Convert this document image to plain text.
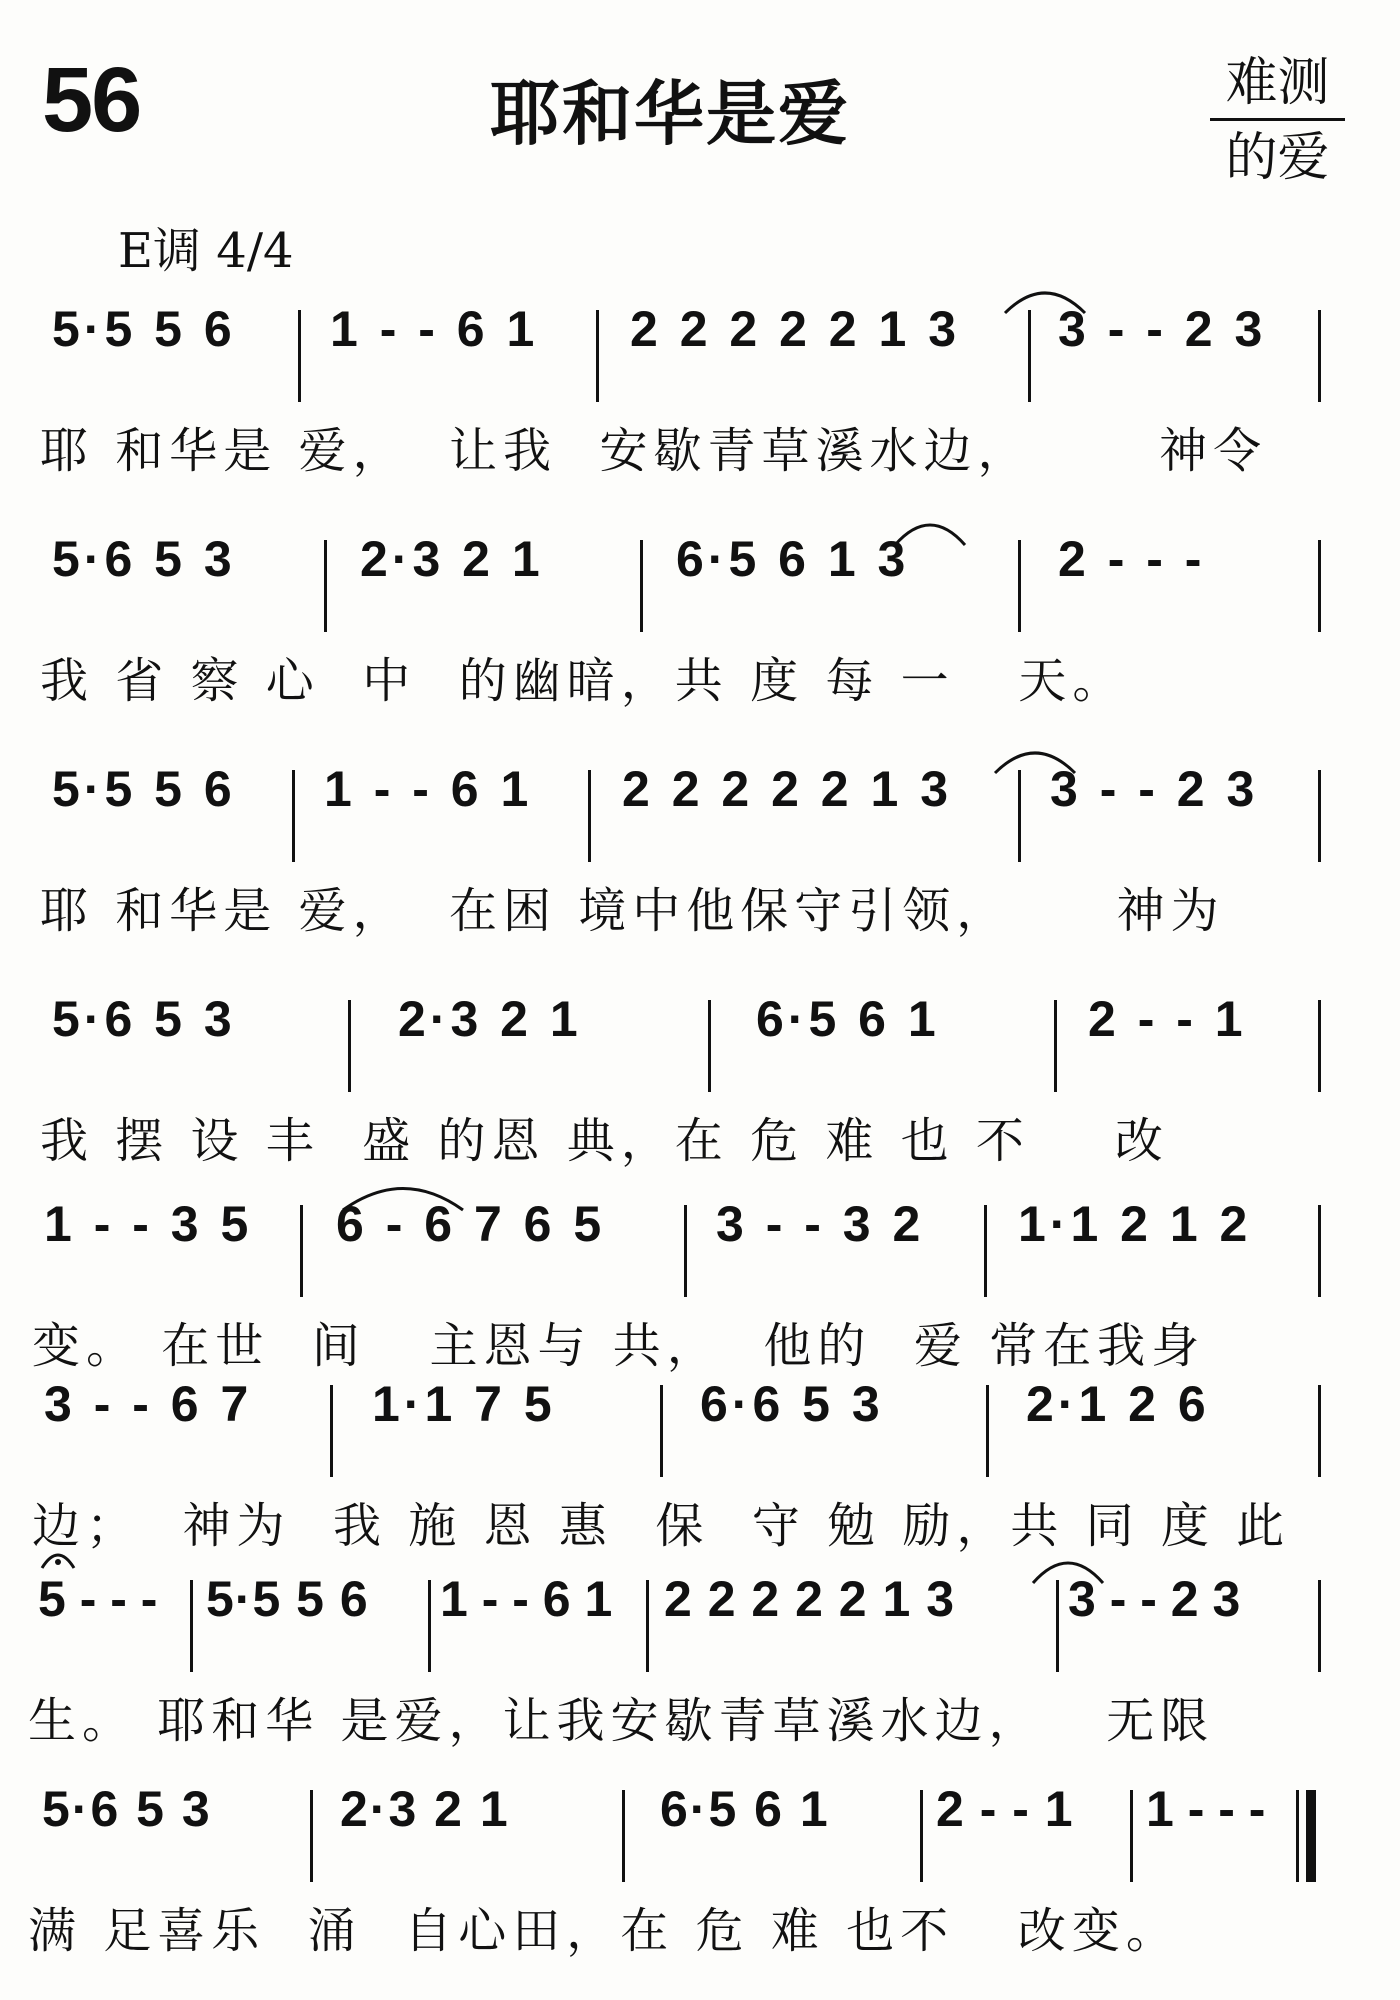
56	耶和华是爱	难测
的爱
E调 4/4
5·5 5 6 1 - - 6 1 2 2 2 2 2 1 3 3 - - 2 3
耶 和华是 爱，  让我  安歇青草溪水边，      神令
5·6 5 3 2·3 2 1	6·5 6 1 3	2 - - -
我 省 察 心  中  的幽暗，共 度 每 一   天。
5·5 5 6 1 - - 6 1 2 2 2 2 2 1 3 3 - - 2 3
耶 和华是 爱，  在困 境中他保守引领，     神为
5·6 5 3	2·3 2 1	6·5 6 1	2 - - 1
我 摆 设 丰  盛 的恩 典，在 危 难 也 不    改
1 - - 3 5 6 - 6 7 6 5 3 - - 3 2 1·1 2 1 2
变。 在世  间   主恩与 共，  他的  爱 常在我身
3 - - 6 7 1·1 7 5	6·6 5 3	2·1 2 6
边；  神为  我 施 恩 惠  保  守 勉 励，共 同 度 此
5 - - - 5·5 5 6 1 - - 6 1 2 2 2 2 2 1 3 3 - - 2 3
生。 耶和华 是爱，让我安歇青草溪水边，   无限
5·6 5 3	2·3 2 1	6·5 6 1 2 - - 1 1 - - -
满 足喜乐  涌  自心田，在 危 难 也不   改变。
